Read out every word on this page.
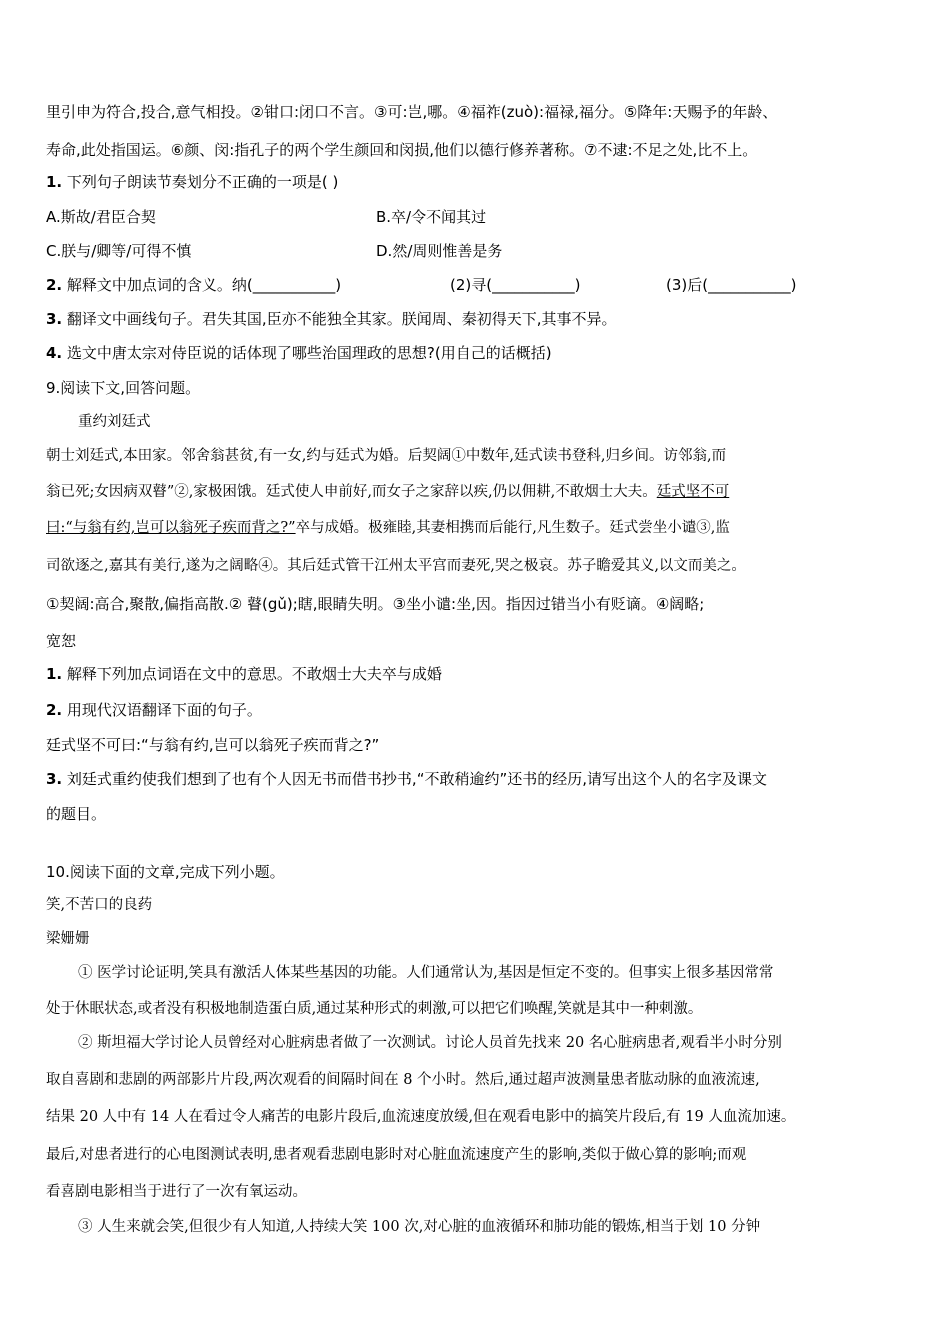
里引申为符合,投合,意气相投。②钳口:闭口不言。③可:岂,哪。④福祚(zuò):福禄,福分。⑤降年:天赐予的年龄、
寿命,此处指国运。⑥颜、闵:指孔子的两个学生颜回和闵损,他们以德行修养著称。⑦不逮:不足之处,比不上。
1. 下列句子朗读节奏划分不正确的一项是( )
A.斯故/君臣合契	B.卒/令不闻其过
C.朕与/卿等/可得不慎	D.然/周则惟善是务
2. 解释文中加点词的含义。纳(___________)	(2)寻(___________)	(3)后(___________)
3. 翻译文中画线句子。君失其国,臣亦不能独全其家。朕闻周、秦初得天下,其事不异。
4. 选文中唐太宗对侍臣说的话体现了哪些治国理政的思想?(用自己的话概括)
9.阅读下文,回答问题。
重约刘廷式
朝士刘廷式,本田家。邻舍翁甚贫,有一女,约与廷式为婚。后契阔①中数年,廷式读书登科,归乡间。访邻翁,而
翁已死;女因病双瞽”②,家极困饿。廷式使人申前好,而女子之家辞以疾,仍以佣耕,不敢烟士大夫。廷式坚不可
曰:“与翁有约,岂可以翁死子疾而背之?”卒与成婚。极雍睦,其妻相携而后能行,凡生数子。廷式尝坐小谴③,监
司欲逐之,嘉其有美行,遂为之阔略④。其后廷式管干江州太平宫而妻死,哭之极哀。苏子瞻爱其义,以文而美之。
①契阔:高合,聚散,偏指高散.② 瞽(gǔ);瞎,眼睛失明。③坐小谴:坐,因。指因过错当小有贬谪。④阔略;
宽恕
1. 解释下列加点词语在文中的意思。不敢烟士大夫卒与成婚
2. 用现代汉语翻译下面的句子。
廷式坚不可曰:“与翁有约,岂可以翁死子疾而背之?”
3. 刘廷式重约使我们想到了也有个人因无书而借书抄书,“不敢稍逾约”还书的经历,请写出这个人的名字及课文
的题目。
10.阅读下面的文章,完成下列小题。
笑,不苦口的良药
梁姗姗
① 医学讨论证明,笑具有激活人体某些基因的功能。人们通常认为,基因是恒定不变的。但事实上很多基因常常
处于休眠状态,或者没有积极地制造蛋白质,通过某种形式的刺激,可以把它们唤醒,笑就是其中一种刺激。
② 斯坦福大学讨论人员曾经对心脏病患者做了一次测试。讨论人员首先找来 20 名心脏病患者,观看半小时分别
取自喜剧和悲剧的两部影片片段,两次观看的间隔时间在 8 个小时。然后,通过超声波测量患者肱动脉的血液流速,
结果 20 人中有 14 人在看过令人痛苦的电影片段后,血流速度放缓,但在观看电影中的搞笑片段后,有 19 人血流加速。
最后,对患者进行的心电图测试表明,患者观看悲剧电影时对心脏血流速度产生的影响,类似于做心算的影响;而观
看喜剧电影相当于进行了一次有氧运动。
③ 人生来就会笑,但很少有人知道,人持续大笑 100 次,对心脏的血液循环和肺功能的锻炼,相当于划 10 分钟
